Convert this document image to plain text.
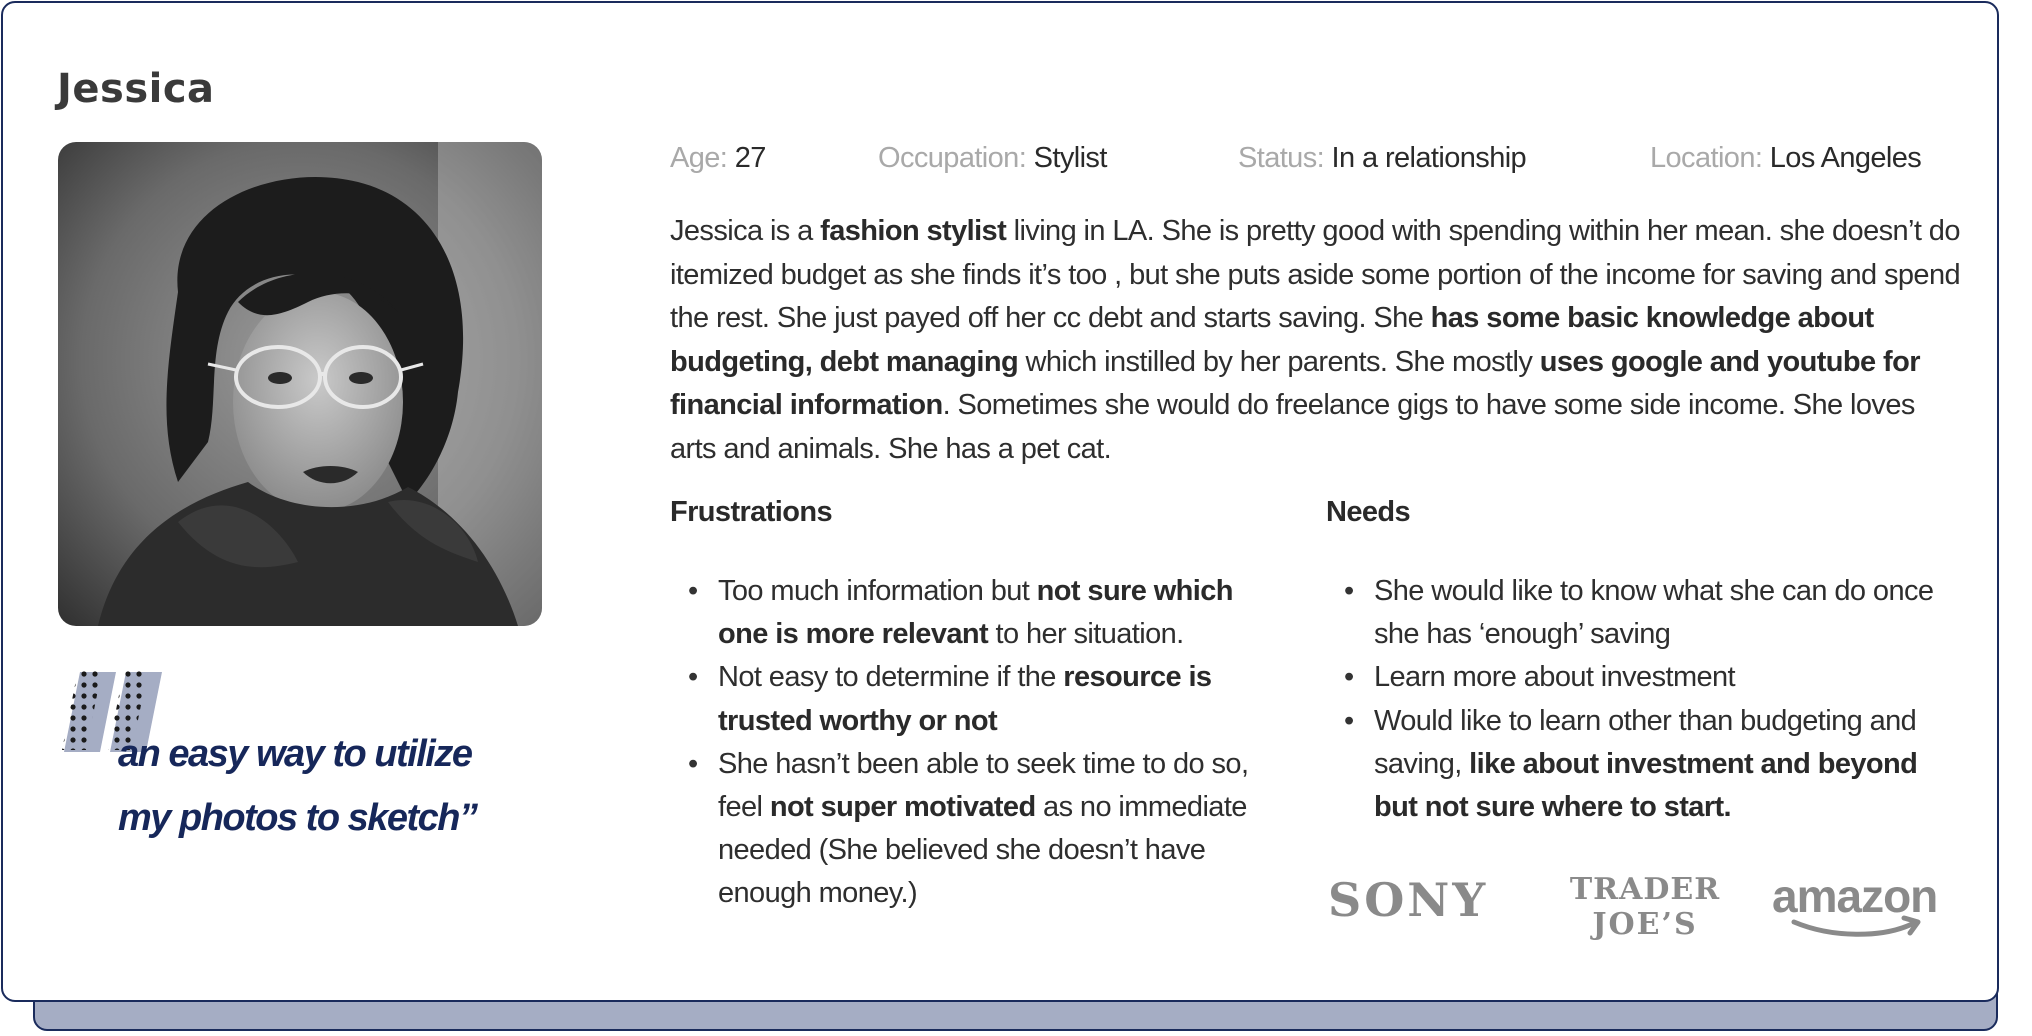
Jessica
an easy way to utilize
my photos to sketch”
Age: 27	Occupation: Stylist	Status: In a relationship	Location: Los Angeles

Jessica is a fashion stylist living in LA. She is pretty good with spending within her mean. she doesn’t do itemized budget as she finds it’s too , but she puts aside some portion of the income for saving and spend the rest. She just payed off her cc debt and starts saving. She has some basic knowledge about budgeting, debt managing which instilled by her parents. She mostly uses google and youtube for financial information. Sometimes she would do freelance gigs to have some side income. She loves arts and animals. She has a pet cat.

Frustrations
• Too much information but not sure which one is more relevant to her situation.
• Not easy to determine if the resource is trusted worthy or not
• She hasn’t been able to seek time to do so, feel not super motivated as no immediate needed (She believed she doesn’t have enough money.)
Needs
• She would like to know what she can do once she has ‘enough’ saving
• Learn more about investment
• Would like to learn other than budgeting and saving, like about investment and beyond but not sure where to start.
SONY	TRADER
JOE’S
amazon
